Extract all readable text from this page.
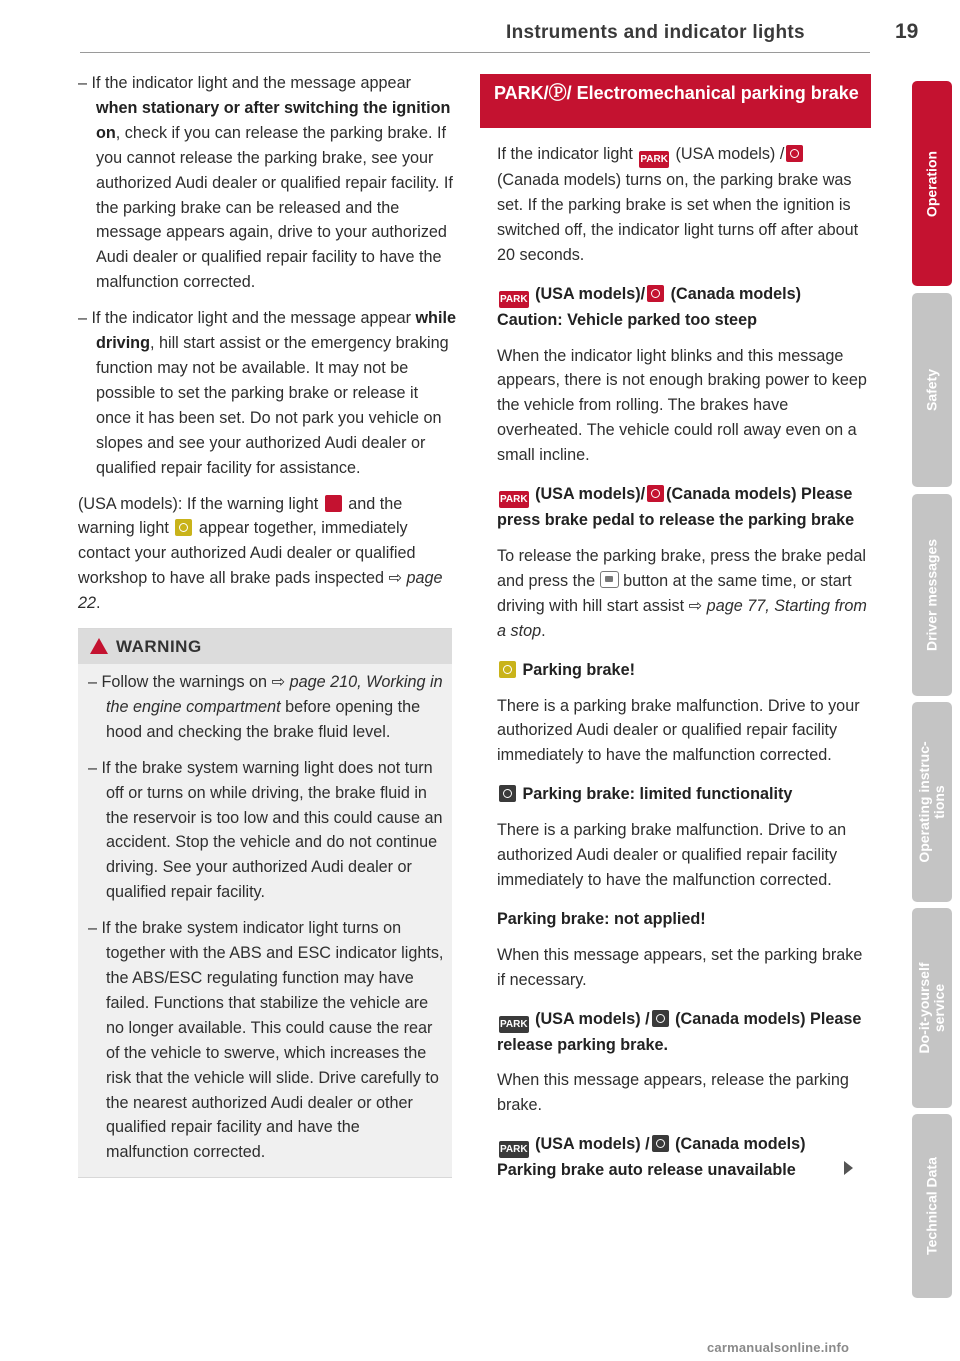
Instruments and indicator lights	19

– If the indicator light and the message appear when stationary or after switching the ignition on, check if you can release the parking brake. If you cannot release the parking brake, see your authorized Audi dealer or qualified repair facility. If the parking brake can be released and the message appears again, drive to your authorized Audi dealer or qualified repair facility to have the malfunction corrected.

– If the indicator light and the message appear while driving, hill start assist or the emergency braking function may not be available. It may not be possible to set the parking brake or release it once it has been set. Do not park you vehicle on slopes and see your authorized Audi dealer or qualified repair facility for assistance.

(USA models): If the warning light  and the warning light  appear together, immediately contact your authorized Audi dealer or qualified workshop to have all brake pads inspected ⇨ page 22.

WARNING

– Follow the warnings on ⇨ page 210, Working in the engine compartment before opening the hood and checking the brake fluid level.

– If the brake system warning light does not turn off or turns on while driving, the brake fluid in the reservoir is too low and this could cause an accident. Stop the vehicle and do not continue driving. See your authorized Audi dealer or qualified repair facility.

– If the brake system indicator light turns on together with the ABS and ESC indicator lights, the ABS/ESC regulating function may have failed. Functions that stabilize the vehicle are no longer available. This could cause the rear of the vehicle to swerve, which increases the risk that the vehicle will slide. Drive carefully to the nearest authorized Audi dealer or other qualified repair facility and have the malfunction corrected.

PARK/Ⓟ/ Electromechanical parking brake

If the indicator light PARK (USA models) / (Canada models) turns on, the parking brake was set. If the parking brake is set when the ignition is switched off, the indicator light turns off after about 20 seconds.

PARK (USA models)/ (Canada models) Caution: Vehicle parked too steep

When the indicator light blinks and this message appears, there is not enough braking power to keep the vehicle from rolling. The brakes have overheated. The vehicle could roll away even on a small incline.

PARK (USA models)/ (Canada models) Please press brake pedal to release the parking brake

To release the parking brake, press the brake pedal and press the  button at the same time, or start driving with hill start assist ⇨ page 77, Starting from a stop.

Parking brake!

There is a parking brake malfunction. Drive to your authorized Audi dealer or qualified repair facility immediately to have the malfunction corrected.

Parking brake: limited functionality

There is a parking brake malfunction. Drive to an authorized Audi dealer or qualified repair facility immediately to have the malfunction corrected.

Parking brake: not applied!

When this message appears, set the parking brake if necessary.

PARK (USA models) / (Canada models) Please release parking brake.

When this message appears, release the parking brake.

PARK (USA models) / (Canada models) Parking brake auto release unavailable

Operation
Safety
Driver messages
Operating instruc-
tions
Do-it-yourself
service
Technical Data
carmanualsonline.info
